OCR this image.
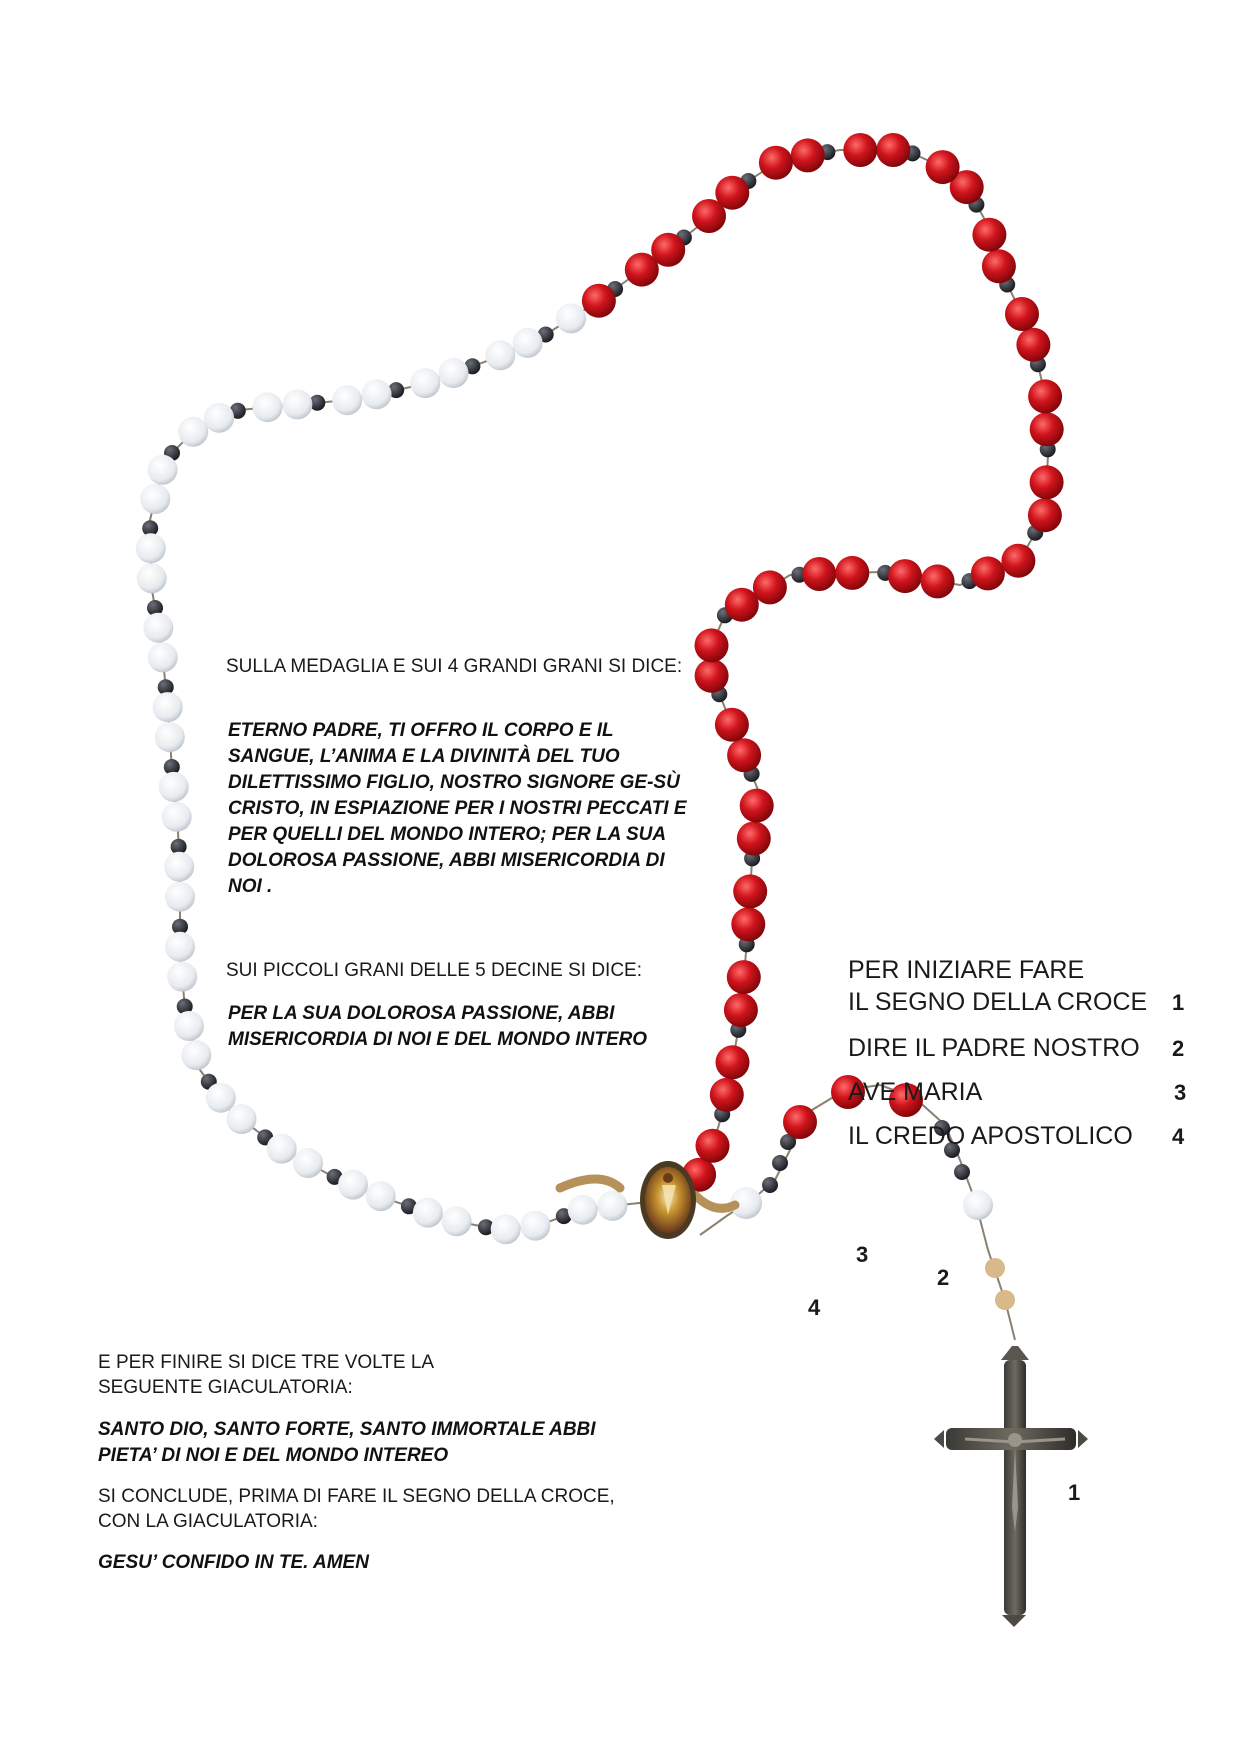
SULLA MEDAGLIA E SUI 4 GRANDI GRANI SI DICE:

ETERNO PADRE, TI OFFRO IL CORPO E IL SANGUE, L’ANIMA E LA DIVINITÀ DEL TUO DILETTISSIMO FIGLIO, NOSTRO SIGNORE GE-SÙ CRISTO, IN ESPIAZIONE PER I NOSTRI PECCATI E PER QUELLI DEL MONDO INTERO; PER LA SUA DOLOROSA PASSIONE, ABBI MISERICORDIA DI NOI .

SUI PICCOLI GRANI DELLE 5 DECINE SI DICE:

PER LA SUA DOLOROSA PASSIONE, ABBI MISERICORDIA DI NOI E DEL MONDO INTERO

PER INIZIARE FARE

IL SEGNO DELLA CROCE 1
DIRE IL PADRE NOSTRO 2
AVE MARIA	3
IL CREDO APOSTOLICO 4

E PER FINIRE SI DICE TRE VOLTE LA SEGUENTE GIACULATORIA:

SANTO DIO, SANTO FORTE, SANTO IMMORTALE ABBI PIETA’ DI NOI E DEL MONDO INTEREO

SI CONCLUDE, PRIMA DI FARE IL SEGNO DELLA CROCE, CON LA GIACULATORIA:

GESU’ CONFIDO IN TE. AMEN

1
2
3
4
